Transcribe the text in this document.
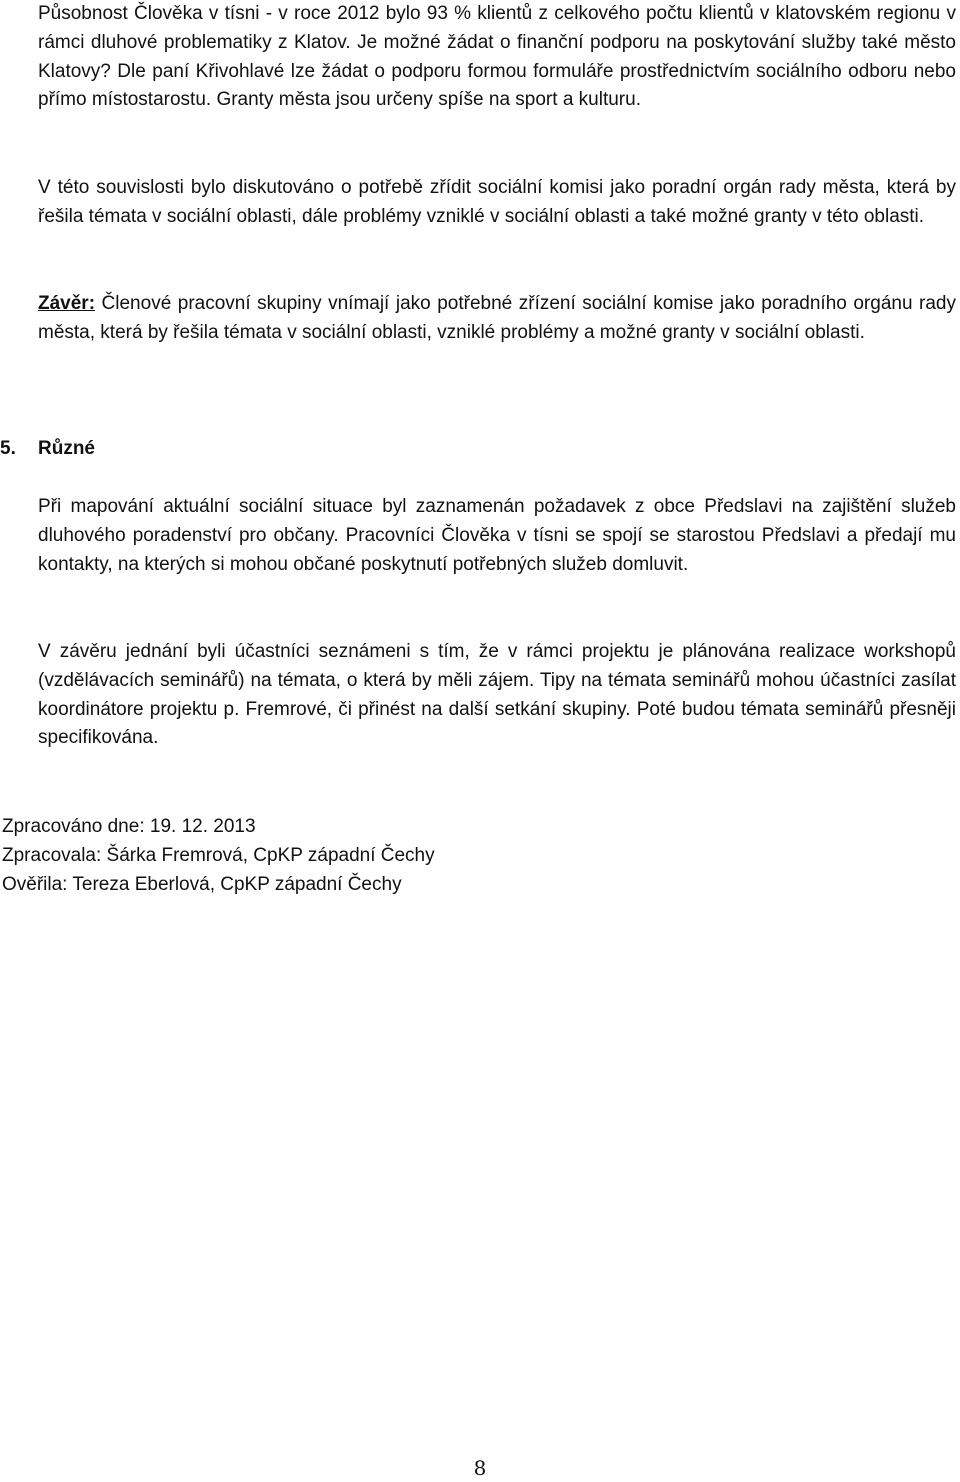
Působnost Člověka v tísni - v roce 2012 bylo 93 % klientů z celkového počtu klientů v klatovském regionu v rámci dluhové problematiky z Klatov. Je možné žádat o finanční podporu na poskytování služby také město Klatovy? Dle paní Křivohlavé lze žádat o podporu formou formuláře prostřednictvím sociálního odboru nebo přímo místostarostu. Granty města jsou určeny spíše na sport a kulturu.

V této souvislosti bylo diskutováno o potřebě zřídit sociální komisi jako poradní orgán rady města, která by řešila témata v sociální oblasti, dále problémy vzniklé v sociální oblasti a také možné granty v této oblasti.

Závěr: Členové pracovní skupiny vnímají jako potřebné zřízení sociální komise jako poradního orgánu rady města, která by řešila témata v sociální oblasti, vzniklé problémy a možné granty v sociální oblasti.

5. Různé

Při mapování aktuální sociální situace byl zaznamenán požadavek z obce Předslavi na zajištění služeb dluhového poradenství pro občany. Pracovníci Člověka v tísni se spojí se starostou Předslavi a předají mu kontakty, na kterých si mohou občané poskytnutí potřebných služeb domluvit.

V závěru jednání byli účastníci seznámeni s tím, že v rámci projektu je plánována realizace workshopů (vzdělávacích seminářů) na témata, o která by měli zájem. Tipy na témata seminářů mohou účastníci zasílat koordinátore projektu p. Fremrové, či přinést na další setkání skupiny. Poté budou témata seminářů přesněji specifikována.

Zpracováno dne: 19. 12. 2013

Zpracovala: Šárka Fremrová, CpKP západní Čechy

Ověřila: Tereza Eberlová, CpKP západní Čechy

8
